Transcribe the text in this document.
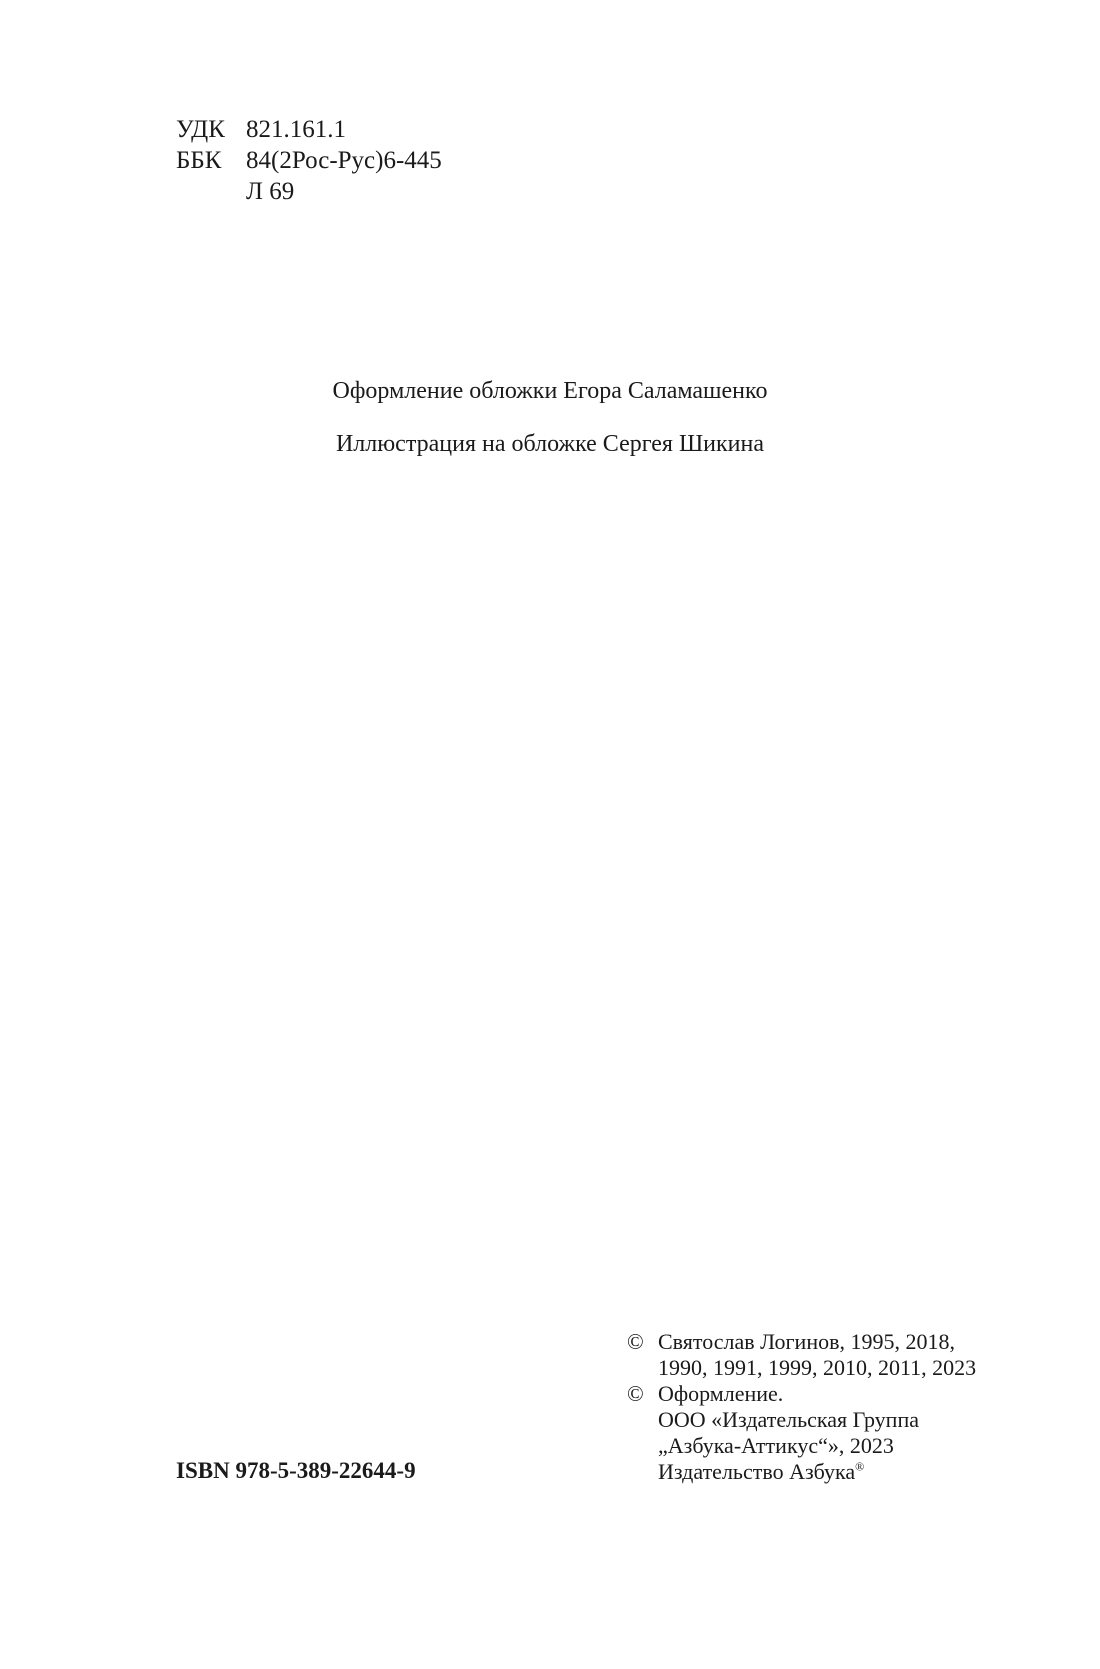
УДК 821.161.1
ББК 84(2Рос-Рус)6-445
Л 69
Оформление обложки Егора Саламашенко
Иллюстрация на обложке Сергея Шикина
© Святослав Логинов, 1995, 2018,
1990, 1991, 1999, 2010, 2011, 2023
© Оформление.
ООО «Издательская Группа
„Азбука-Аттикус“», 2023
Издательство Азбука®
ISBN 978-5-389-22644-9
